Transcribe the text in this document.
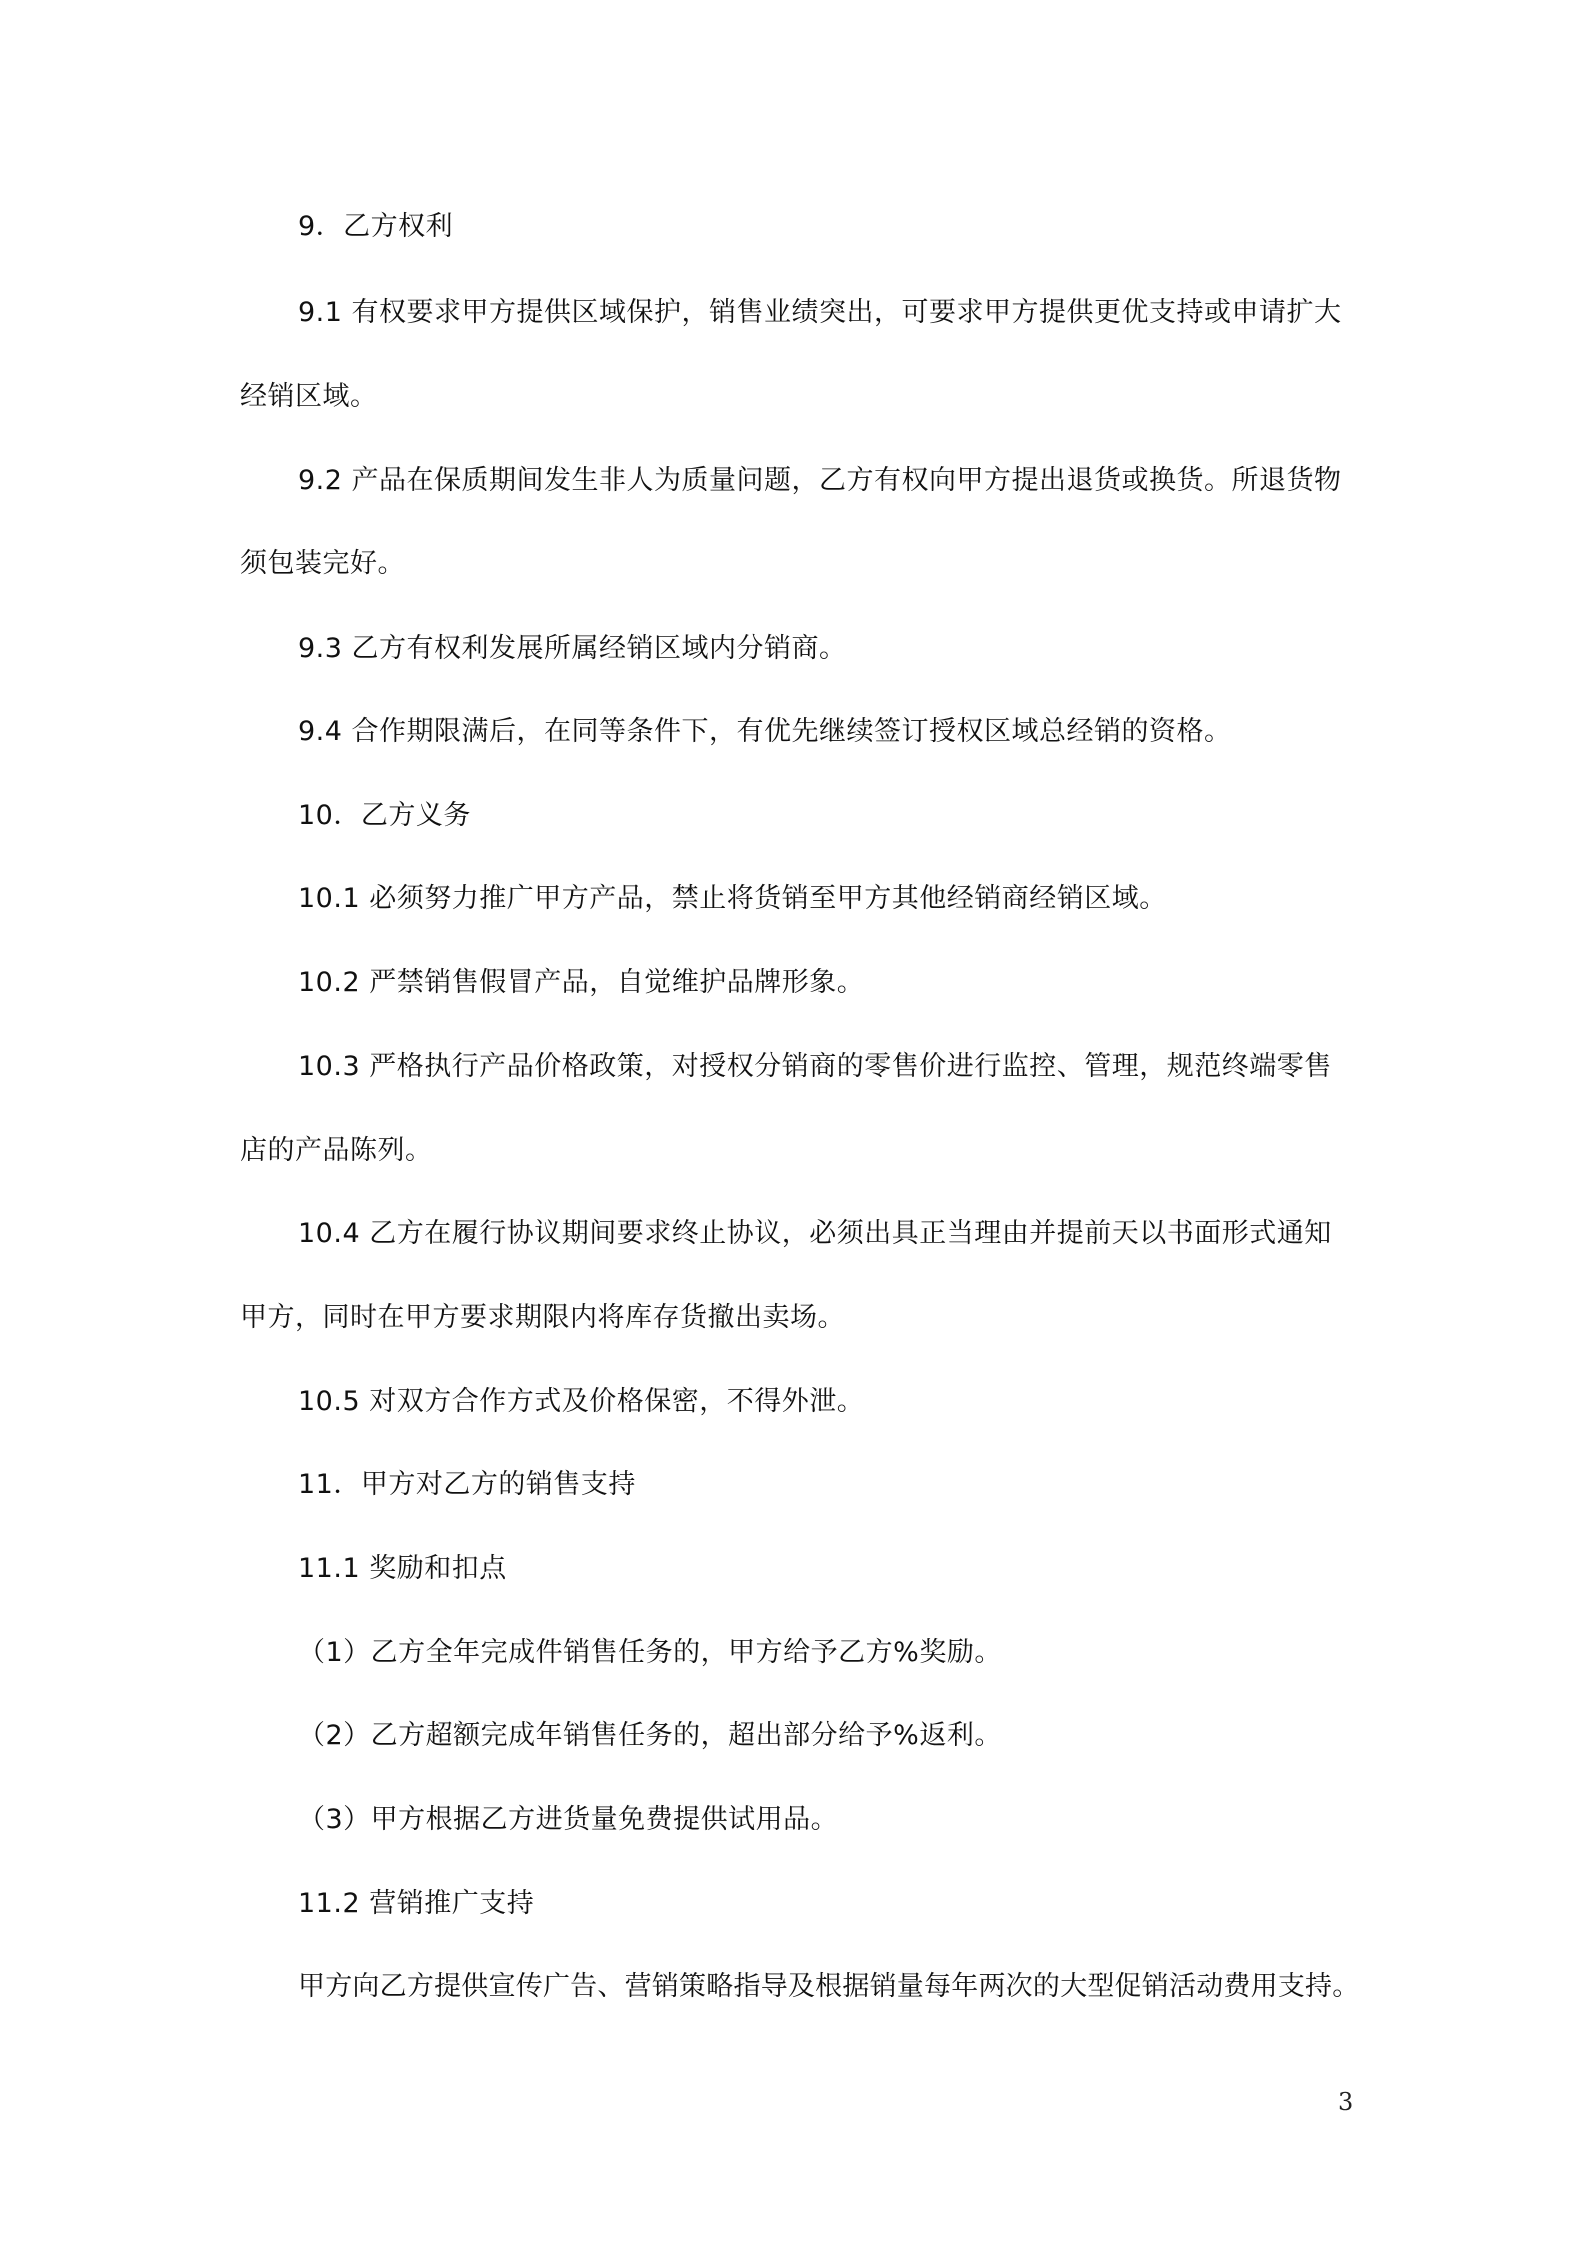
9．乙方权利
9.1 有权要求甲方提供区域保护，销售业绩突出，可要求甲方提供更优支持或申请扩大
经销区域。
9.2 产品在保质期间发生非人为质量问题，乙方有权向甲方提出退货或换货。所退货物
须包装完好。
9.3 乙方有权利发展所属经销区域内分销商。
9.4 合作期限满后，在同等条件下，有优先继续签订授权区域总经销的资格。
10．乙方义务
10.1 必须努力推广甲方产品，禁止将货销至甲方其他经销商经销区域。
10.2 严禁销售假冒产品，自觉维护品牌形象。
10.3 严格执行产品价格政策，对授权分销商的零售价进行监控、管理，规范终端零售
店的产品陈列。
10.4 乙方在履行协议期间要求终止协议，必须出具正当理由并提前天以书面形式通知
甲方，同时在甲方要求期限内将库存货撤出卖场。
10.5 对双方合作方式及价格保密，不得外泄。
11．甲方对乙方的销售支持
11.1 奖励和扣点
（1）乙方全年完成件销售任务的，甲方给予乙方%奖励。
（2）乙方超额完成年销售任务的，超出部分给予%返利。
（3）甲方根据乙方进货量免费提供试用品。
11.2 营销推广支持
甲方向乙方提供宣传广告、营销策略指导及根据销量每年两次的大型促销活动费用支持。
3
